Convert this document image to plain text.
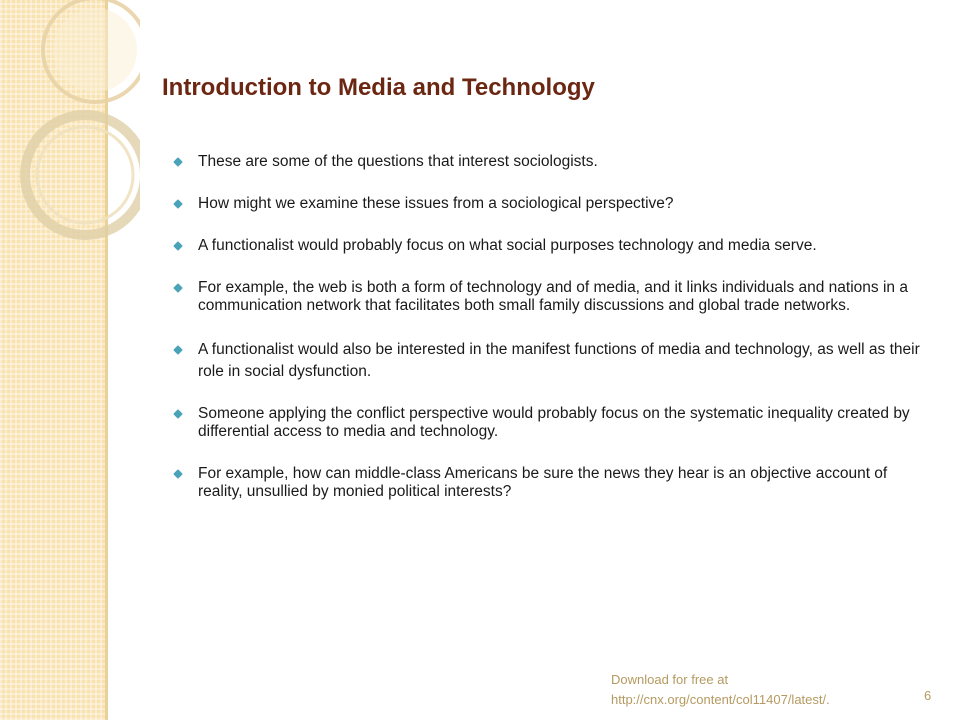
Introduction to Media and Technology
These are some of the questions that interest sociologists.
How might we examine these issues from a sociological perspective?
A functionalist would probably focus on what social purposes technology and media serve.
For example, the web is both a form of technology and of media, and it links individuals and nations in a communication network that facilitates both small family discussions and global trade networks.
A functionalist would also be interested in the manifest functions of media and technology, as well as their role in social dysfunction.
Someone applying the conflict perspective would probably focus on the systematic inequality created by differential access to media and technology.
For example, how can middle-class Americans be sure the news they hear is an objective account of reality, unsullied by monied political interests?
Download for free at
http://cnx.org/content/col11407/latest/.	6
